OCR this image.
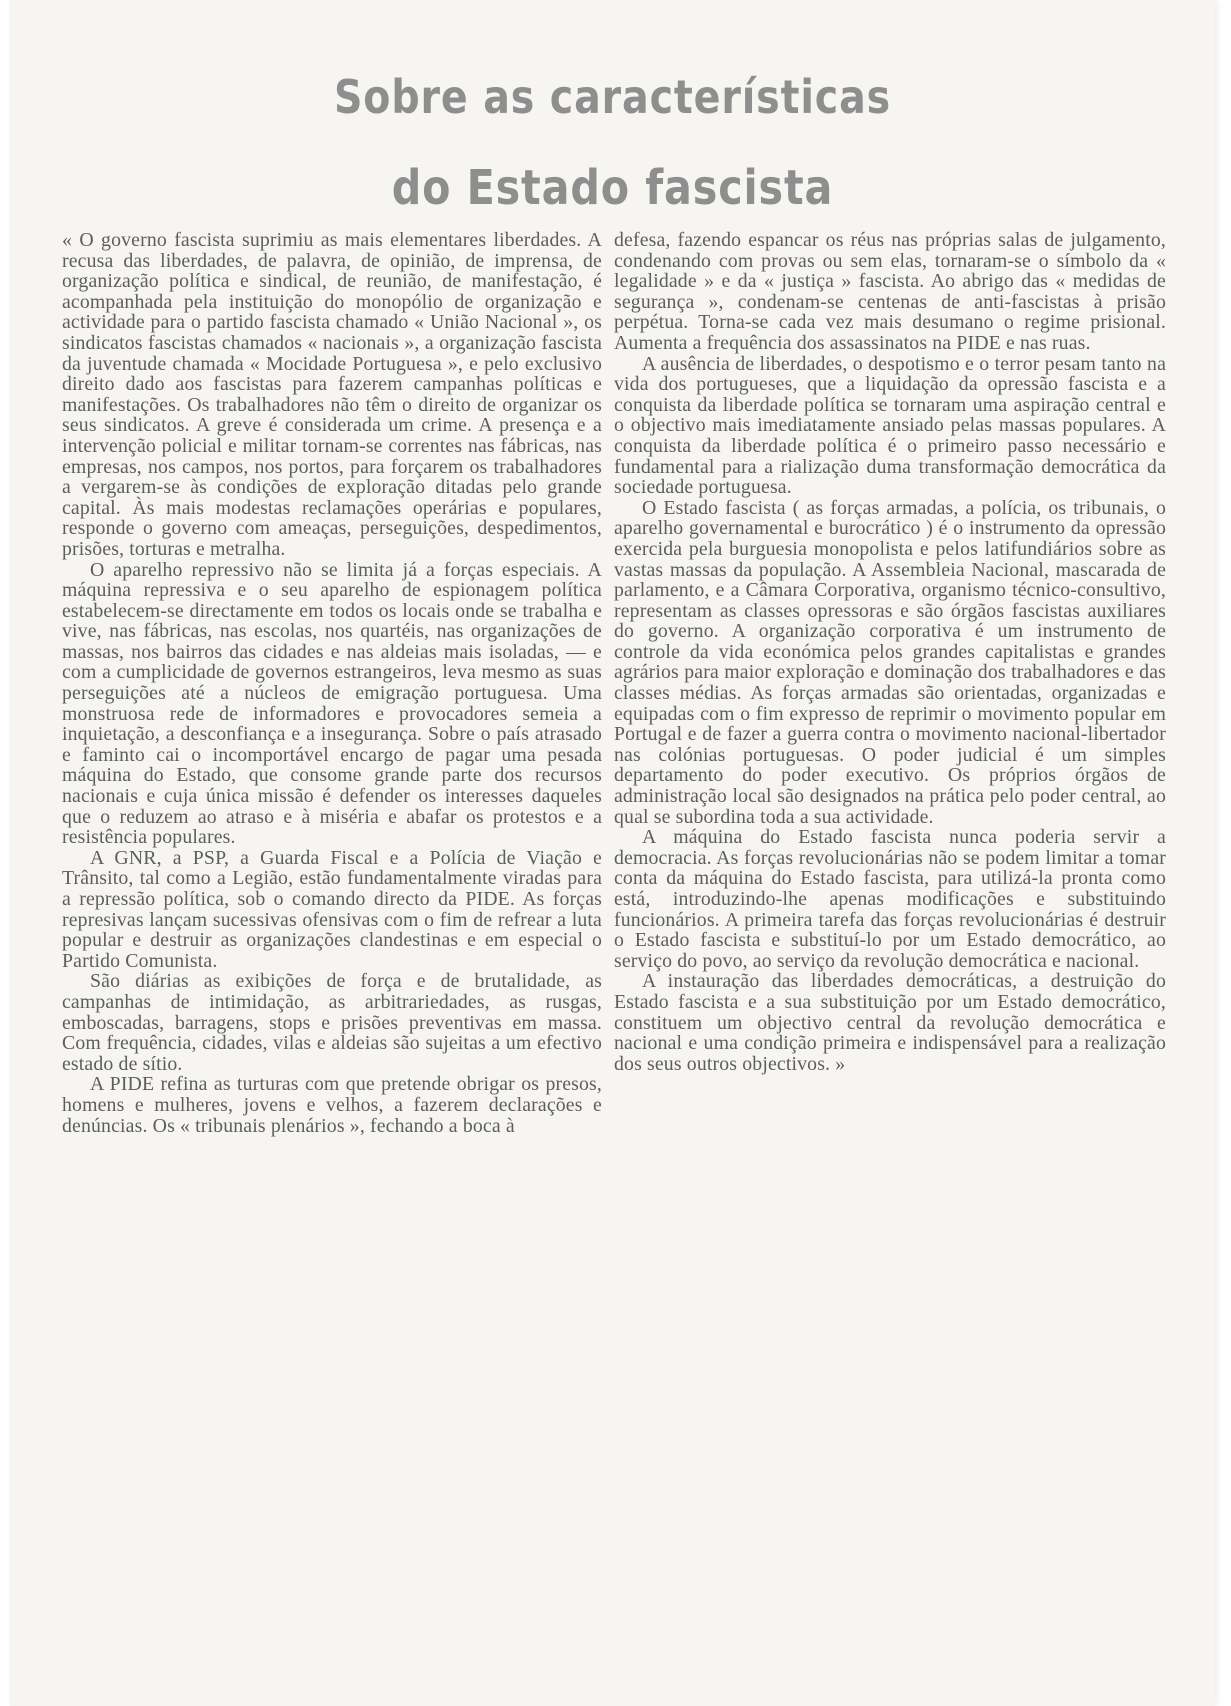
Sobre as características
do Estado fascista

« O governo fascista suprimiu as mais elementares liberdades. A recusa das liberdades, de palavra, de opinião, de imprensa, de organização política e sindical, de reunião, de manifestação, é acompanhada pela instituição do monopólio de organização e actividade para o partido fascista chamado « União Nacional », os sindicatos fascistas chamados « nacionais », a organização fascista da juventude chamada « Mocidade Portuguesa », e pelo exclusivo direito dado aos fascistas para fazerem campanhas políticas e manifestações. Os trabalhadores não têm o direito de organizar os seus sindicatos. A greve é considerada um crime. A presença e a intervenção policial e militar tornam-se correntes nas fábricas, nas empresas, nos campos, nos portos, para forçarem os trabalhadores a vergarem-se às condições de exploração ditadas pelo grande capital. Às mais modestas reclamações operárias e populares, responde o governo com ameaças, perseguições, despedimentos, prisões, torturas e metralha.

O aparelho repressivo não se limita já a forças especiais. A máquina repressiva e o seu aparelho de espionagem política estabelecem-se directamente em todos os locais onde se trabalha e vive, nas fábricas, nas escolas, nos quartéis, nas organizações de massas, nos bairros das cidades e nas aldeias mais isoladas, — e com a cumplicidade de governos estrangeiros, leva mesmo as suas perseguições até a núcleos de emigração portuguesa. Uma monstruosa rede de informadores e provocadores semeia a inquietação, a desconfiança e a insegurança. Sobre o país atrasado e faminto cai o incomportável encargo de pagar uma pesada máquina do Estado, que consome grande parte dos recursos nacionais e cuja única missão é defender os interesses daqueles que o reduzem ao atraso e à miséria e abafar os protestos e a resistência populares.

A GNR, a PSP, a Guarda Fiscal e a Polícia de Viação e Trânsito, tal como a Legião, estão fundamentalmente viradas para a repressão política, sob o comando directo da PIDE. As forças represivas lançam sucessivas ofensivas com o fim de refrear a luta popular e destruir as organizações clandestinas e em especial o Partido Comunista.

São diárias as exibições de força e de brutalidade, as campanhas de intimidação, as arbitrariedades, as rusgas, emboscadas, barragens, stops e prisões preventivas em massa. Com frequência, cidades, vilas e aldeias são sujeitas a um efectivo estado de sítio.

A PIDE refina as turturas com que pretende obrigar os presos, homens e mulheres, jovens e velhos, a fazerem declarações e denúncias. Os « tribunais plenários », fechando a boca à

defesa, fazendo espancar os réus nas próprias salas de julgamento, condenando com provas ou sem elas, tornaram-se o símbolo da « legalidade » e da « justiça » fascista. Ao abrigo das « medidas de segurança », condenam-se centenas de anti-fascistas à prisão perpétua. Torna-se cada vez mais desumano o regime prisional. Aumenta a frequência dos assassinatos na PIDE e nas ruas.

A ausência de liberdades, o despotismo e o terror pesam tanto na vida dos portugueses, que a liquidação da opressão fascista e a conquista da liberdade política se tornaram uma aspiração central e o objectivo mais imediatamente ansiado pelas massas populares. A conquista da liberdade política é o primeiro passo necessário e fundamental para a rialização duma transformação democrática da sociedade portuguesa.

O Estado fascista ( as forças armadas, a polícia, os tribunais, o aparelho governamental e burocrático ) é o instrumento da opressão exercida pela burguesia monopolista e pelos latifundiários sobre as vastas massas da população. A Assembleia Nacional, mascarada de parlamento, e a Câmara Corporativa, organismo técnico-consultivo, representam as classes opressoras e são órgãos fascistas auxiliares do governo. A organização corporativa é um instrumento de controle da vida económica pelos grandes capitalistas e grandes agrários para maior exploração e dominação dos trabalhadores e das classes médias. As forças armadas são orientadas, organizadas e equipadas com o fim expresso de reprimir o movimento popular em Portugal e de fazer a guerra contra o movimento nacional-libertador nas colónias portuguesas. O poder judicial é um simples departamento do poder executivo. Os próprios órgãos de administração local são designados na prática pelo poder central, ao qual se subordina toda a sua actividade.

A máquina do Estado fascista nunca poderia servir a democracia. As forças revolucionárias não se podem limitar a tomar conta da máquina do Estado fascista, para utilizá-la pronta como está, introduzindo-lhe apenas modificações e substituindo funcionários. A primeira tarefa das forças revolucionárias é destruir o Estado fascista e substituí-lo por um Estado democrático, ao serviço do povo, ao serviço da revolução democrática e nacional.

A instauração das liberdades democráticas, a destruição do Estado fascista e a sua substituição por um Estado democrático, constituem um objectivo central da revolução democrática e nacional e uma condição primeira e indispensável para a realização dos seus outros objectivos. »
